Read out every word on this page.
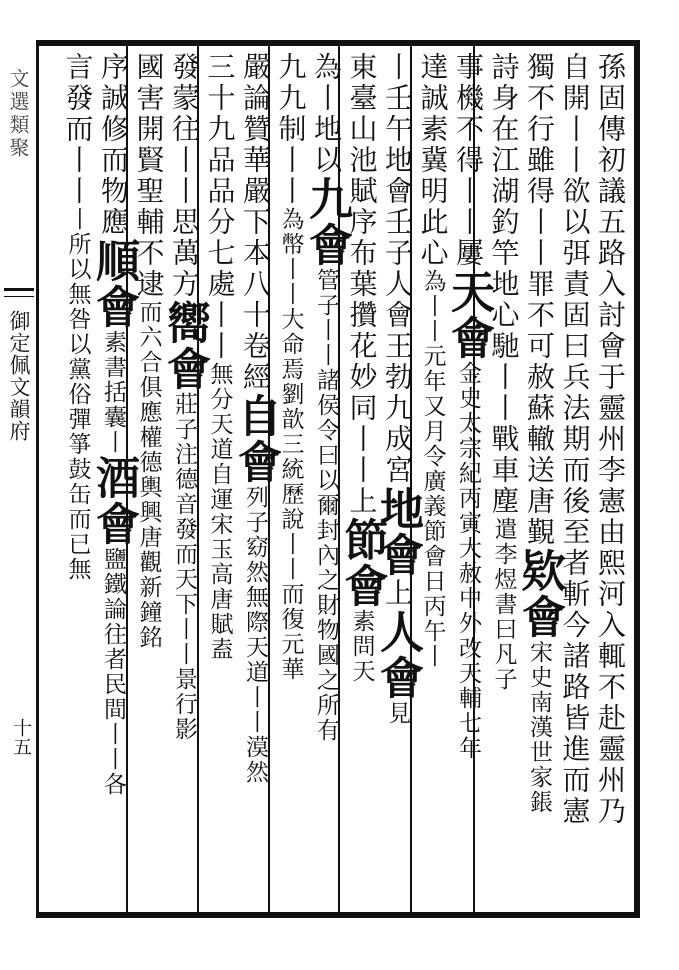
文選類聚
御定佩文韻府
十五	孫固傳初議五路入討會于靈州李憲由熙河入輒不赴靈州乃
自開丨丨欲以弭責固曰兵法期而後至者斬今諸路皆進而憲
獨不行雖得丨丨罪不可赦蘇轍送唐覲欵會宋史南漢世家鋹
詩身在江湖釣竿地心馳丨丨戰車塵遣李煜書曰凡子
事機不得丨丨屢天會金史太宗紀丙寅大赦中外改天輔七年
達誠素冀明此心為丨丨元年又月令廣義節會日丙午丨
丨壬午地會壬子人會王勃九成宮地會上人會見
東臺山池賦序布葉攢花妙同丨丨上節會素問天
為丨地以九會管子丨丨諸侯令曰以爾封內之財物國之所有
九九制丨丨為幣丨丨大命焉劉歆三統歷說丨丨而復元華
嚴論贊華嚴下本八十卷經自會列子窈然無際天道丨丨漠然
三十九品品分七處丨丨無分天道自運宋玉高唐賦盍
發蒙往丨丨思萬方嚮會莊子注德音發而天下丨丨景行影
國害開賢聖輔不逮而六合俱應權德輿興唐觀新鐘銘
序誠修而物應順會素書括囊丨酒會鹽鐵論往者民間丨丨各
言發而丨丨丨所以無咎以黨俗彈箏鼓缶而已無
